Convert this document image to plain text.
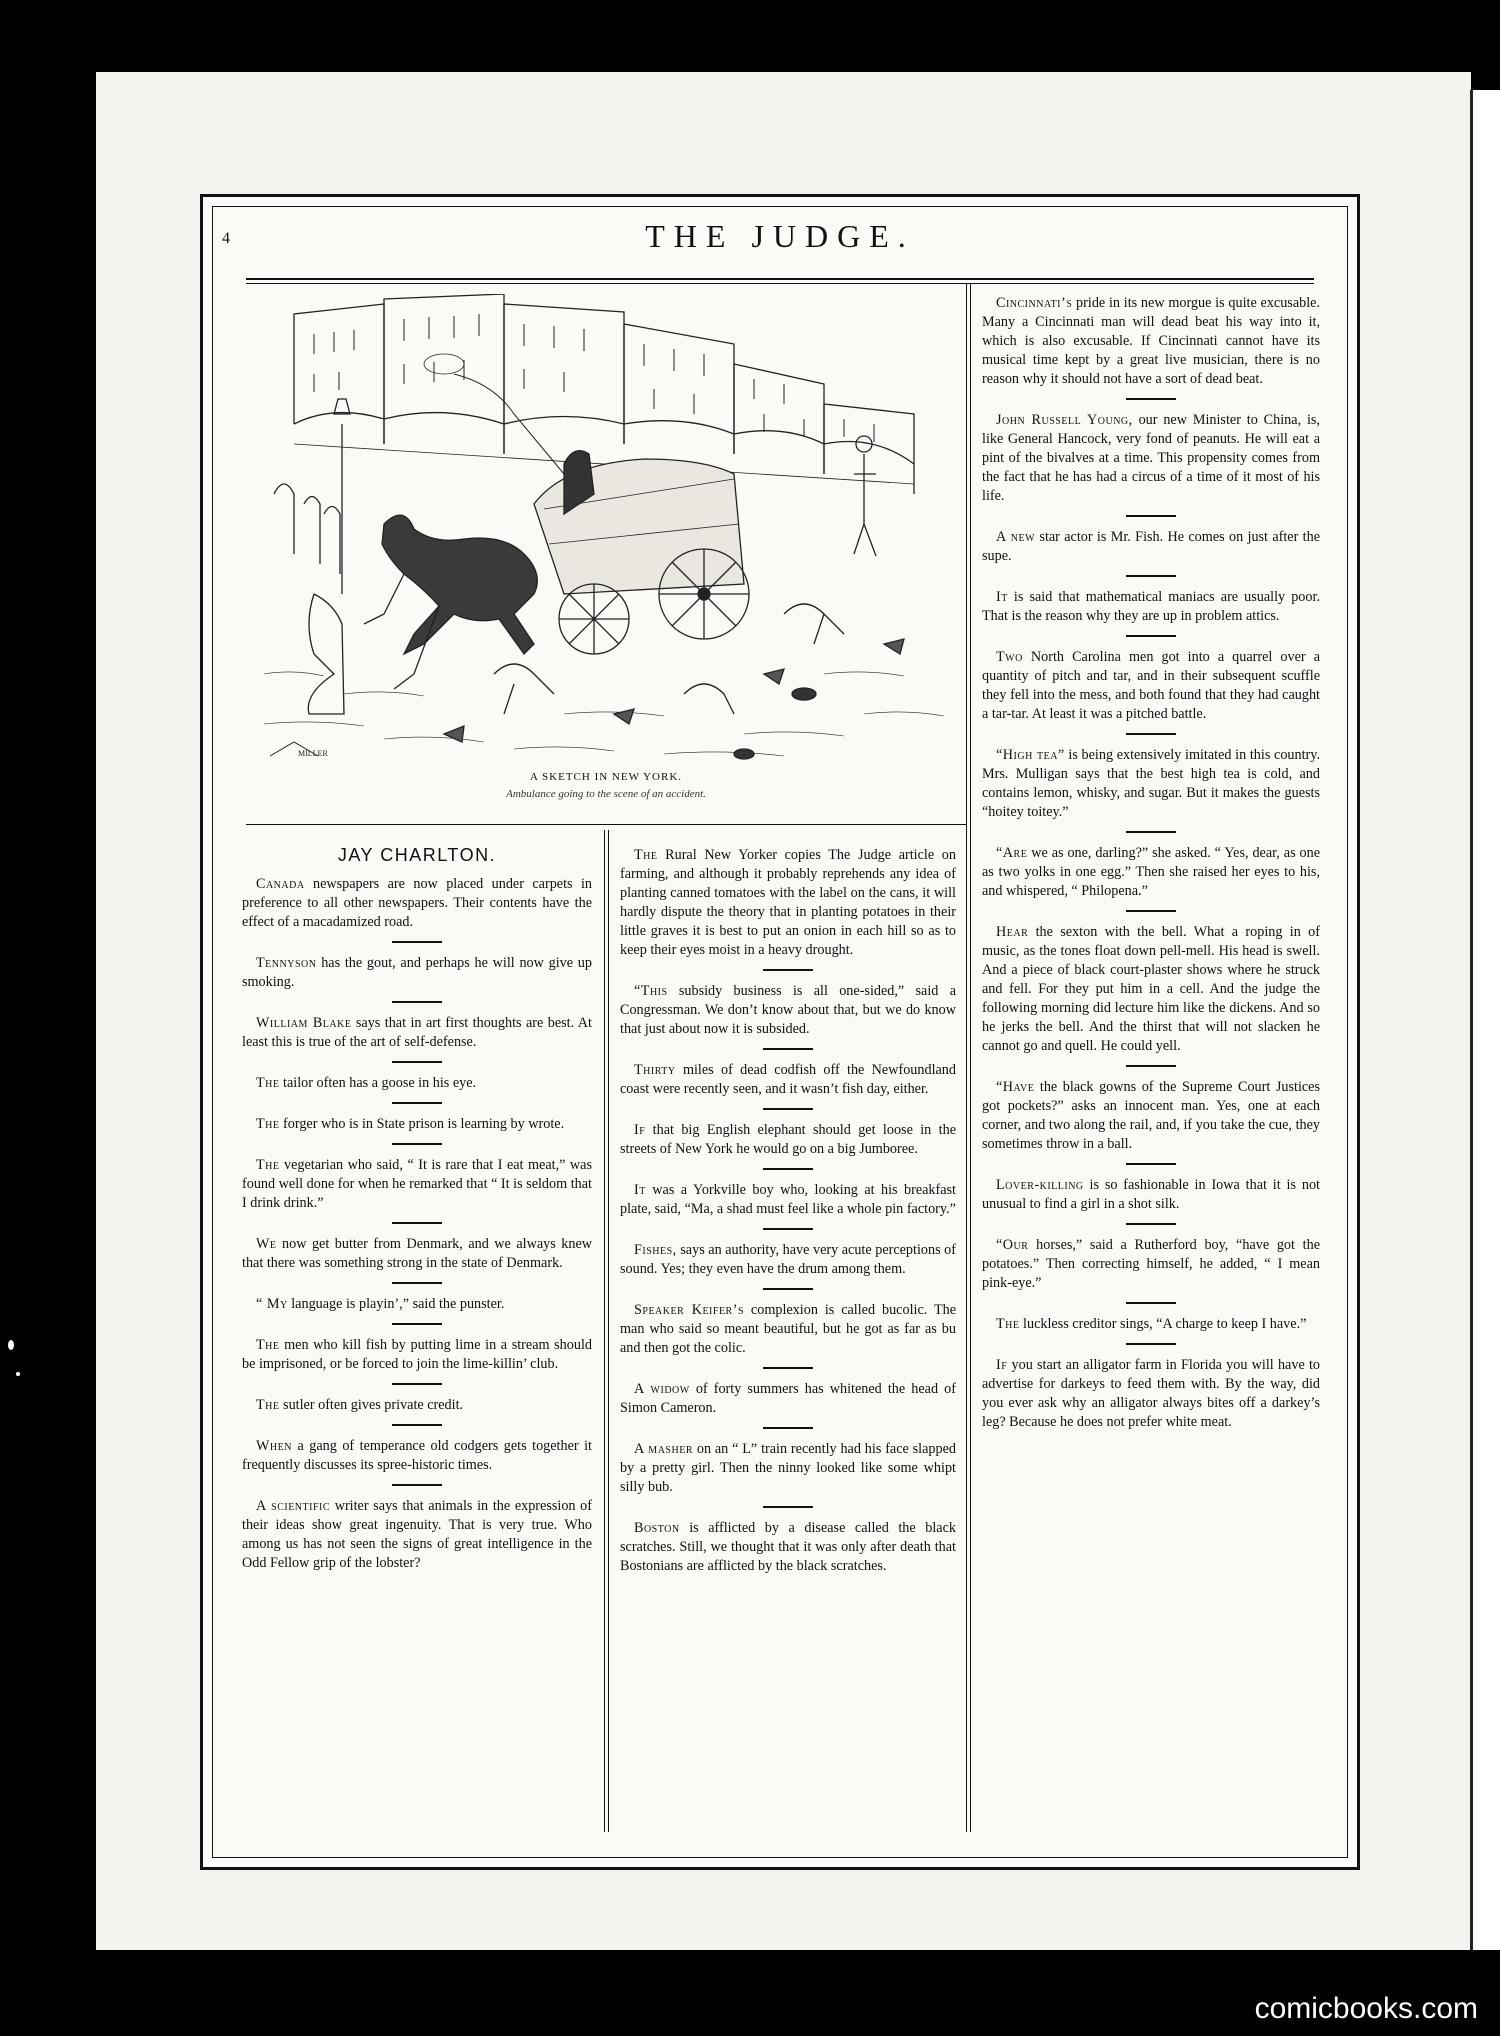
4	THE JUDGE.
MILLER
A SKETCH IN NEW YORK.
Ambulance going to the scene of an accident.
JAY CHARLTON.

Canada newspapers are now placed under carpets in preference to all other newspapers. Their contents have the effect of a macadamized road.

Tennyson has the gout, and perhaps he will now give up smoking.

William Blake says that in art first thoughts are best. At least this is true of the art of self-defense.

The tailor often has a goose in his eye.

The forger who is in State prison is learning by wrote.

The vegetarian who said, “ It is rare that I eat meat,” was found well done for when he remarked that “ It is seldom that I drink drink.”

We now get butter from Denmark, and we always knew that there was something strong in the state of Denmark.

“ My language is playin’,” said the punster.

The men who kill fish by putting lime in a stream should be imprisoned, or be forced to join the lime-killin’ club.

The sutler often gives private credit.

When a gang of temperance old codgers gets together it frequently discusses its spree-historic times.

A scientific writer says that animals in the expression of their ideas show great ingenuity. That is very true. Who among us has not seen the signs of great intelligence in the Odd Fellow grip of the lobster?

The Rural New Yorker copies The Judge article on farming, and although it probably reprehends any idea of planting canned tomatoes with the label on the cans, it will hardly dispute the theory that in planting potatoes in their little graves it is best to put an onion in each hill so as to keep their eyes moist in a heavy drought.

“This subsidy business is all one-sided,” said a Congressman. We don’t know about that, but we do know that just about now it is subsided.

Thirty miles of dead codfish off the Newfoundland coast were recently seen, and it wasn’t fish day, either.

If that big English elephant should get loose in the streets of New York he would go on a big Jumboree.

It was a Yorkville boy who, looking at his breakfast plate, said, “Ma, a shad must feel like a whole pin factory.”

Fishes, says an authority, have very acute perceptions of sound. Yes; they even have the drum among them.

Speaker Keifer’s complexion is called bucolic. The man who said so meant beautiful, but he got as far as bu and then got the colic.

A widow of forty summers has whitened the head of Simon Cameron.

A masher on an “ L” train recently had his face slapped by a pretty girl. Then the ninny looked like some whipt silly bub.

Boston is afflicted by a disease called the black scratches. Still, we thought that it was only after death that Bostonians are afflicted by the black scratches.

Cincinnati’s pride in its new morgue is quite excusable. Many a Cincinnati man will dead beat his way into it, which is also excusable. If Cincinnati cannot have its musical time kept by a great live musician, there is no reason why it should not have a sort of dead beat.

John Russell Young, our new Minister to China, is, like General Hancock, very fond of peanuts. He will eat a pint of the bivalves at a time. This propensity comes from the fact that he has had a circus of a time of it most of his life.

A new star actor is Mr. Fish. He comes on just after the supe.

It is said that mathematical maniacs are usually poor. That is the reason why they are up in problem attics.

Two North Carolina men got into a quarrel over a quantity of pitch and tar, and in their subsequent scuffle they fell into the mess, and both found that they had caught a tar-tar. At least it was a pitched battle.

“High tea” is being extensively imitated in this country. Mrs. Mulligan says that the best high tea is cold, and contains lemon, whisky, and sugar. But it makes the guests “hoitey toitey.”

“Are we as one, darling?” she asked. “ Yes, dear, as one as two yolks in one egg.” Then she raised her eyes to his, and whispered, “ Philopena.”

Hear the sexton with the bell. What a roping in of music, as the tones float down pell-mell. His head is swell. And a piece of black court-plaster shows where he struck and fell. For they put him in a cell. And the judge the following morning did lecture him like the dickens. And so he jerks the bell. And the thirst that will not slacken he cannot go and quell. He could yell.

“Have the black gowns of the Supreme Court Justices got pockets?” asks an innocent man. Yes, one at each corner, and two along the rail, and, if you take the cue, they sometimes throw in a ball.

Lover-killing is so fashionable in Iowa that it is not unusual to find a girl in a shot silk.

“Our horses,” said a Rutherford boy, “have got the potatoes.” Then correcting himself, he added, “ I mean pink-eye.”

The luckless creditor sings, “A charge to keep I have.”

If you start an alligator farm in Florida you will have to advertise for darkeys to feed them with. By the way, did you ever ask why an alligator always bites off a darkey’s leg? Because he does not prefer white meat.

comicbooks.com
